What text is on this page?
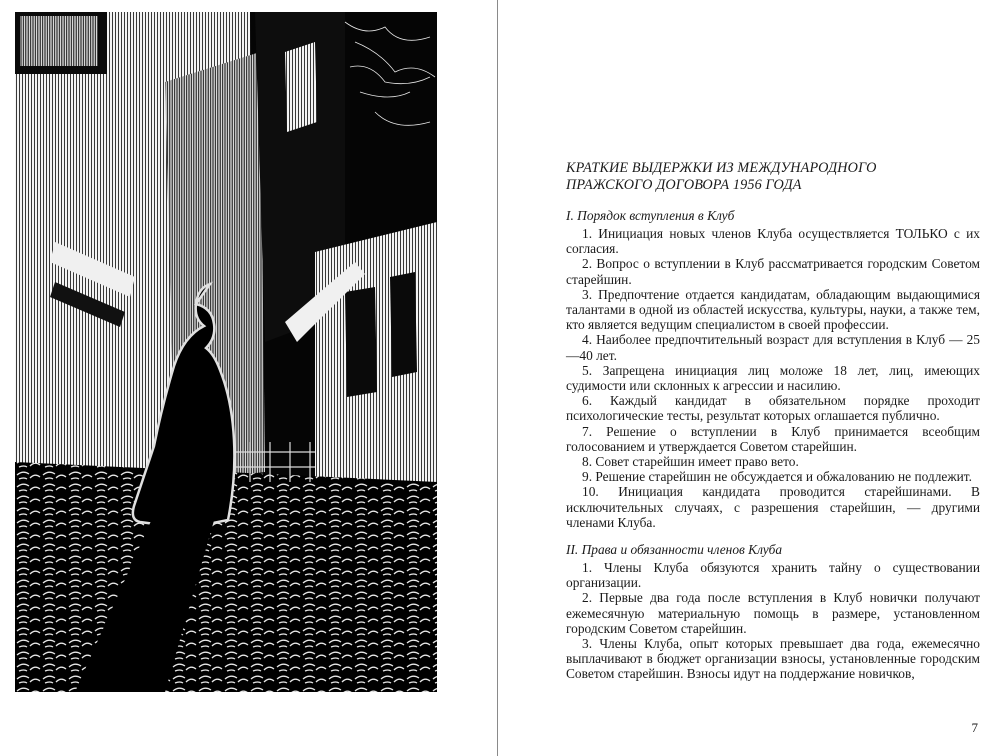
КРАТКИЕ ВЫДЕРЖКИ ИЗ МЕЖДУНАРОДНОГО
ПРАЖСКОГО ДОГОВОРА 1956 ГОДА
I. Порядок вступления в Клуб

1. Инициация новых членов Клуба осуществляется ТОЛЬКО с их согласия.

2. Вопрос о вступлении в Клуб рассматривается городским Советом старейшин.

3. Предпочтение отдается кандидатам, обладающим выдающимися талантами в одной из областей искусства, культуры, науки, а также тем, кто является ведущим специалистом в своей профессии.

4. Наиболее предпочтительный возраст для вступления в Клуб — 25—40 лет.

5. Запрещена инициация лиц моложе 18 лет, лиц, имеющих судимости или склонных к агрессии и насилию.

6. Каждый кандидат в обязательном порядке проходит психологические тесты, результат которых оглашается публично.

7. Решение о вступлении в Клуб принимается всеобщим голосованием и утверждается Советом старейшин.

8. Совет старейшин имеет право вето.

9. Решение старейшин не обсуждается и обжалованию не подлежит.

10. Инициация кандидата проводится старейшинами. В исключительных случаях, с разрешения старейшин, — другими членами Клуба.

II. Права и обязанности членов Клуба

1. Члены Клуба обязуются хранить тайну о существовании организации.

2. Первые два года после вступления в Клуб новички получают ежемесячную материальную помощь в размере, установленном городским Советом старейшин.

3. Члены Клуба, опыт которых превышает два года, ежемесячно выплачивают в бюджет организации взносы, установленные городским Советом старейшин. Взносы идут на поддержание новичков,

7
